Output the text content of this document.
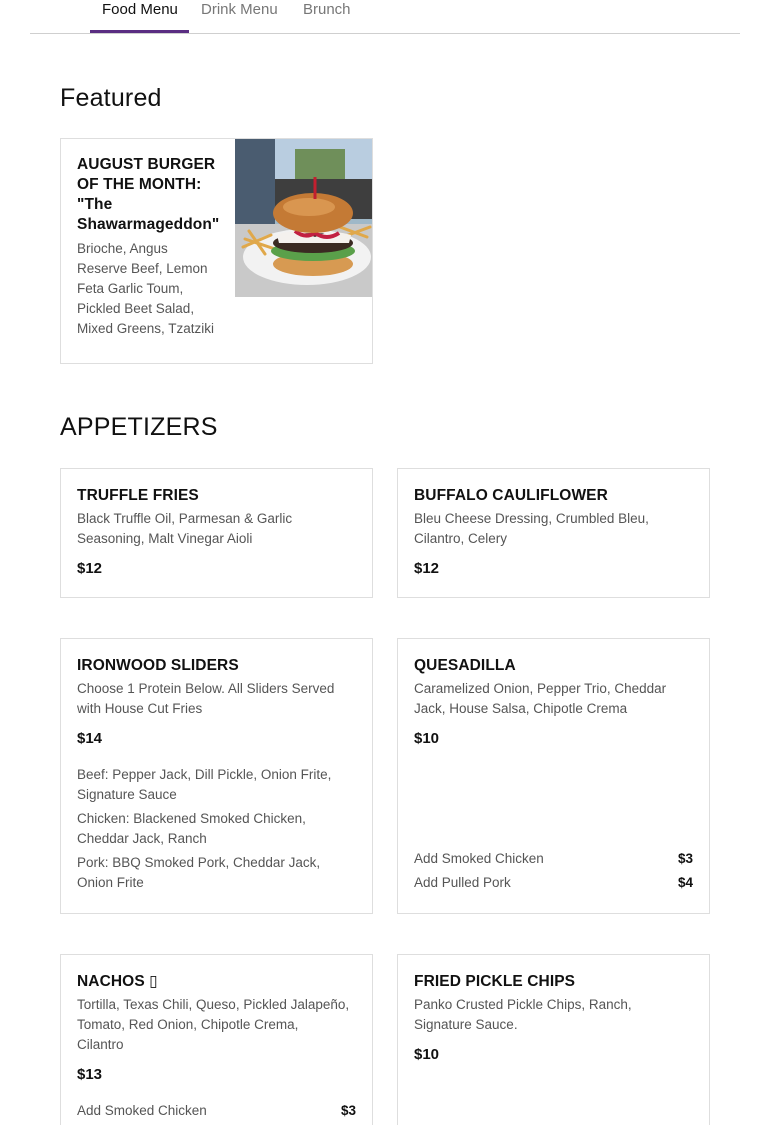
Food Menu Drink Menu Brunch
Featured
AUGUST BURGER
OF THE MONTH:
"The
Shawarmageddon"
Brioche, Angus
Reserve Beef, Lemon
Feta Garlic Toum,
Pickled Beet Salad,
Mixed Greens, Tzatziki
APPETIZERS
TRUFFLE FRIES
Black Truffle Oil, Parmesan & Garlic
Seasoning, Malt Vinegar Aioli
$12
BUFFALO CAULIFLOWER
Bleu Cheese Dressing, Crumbled Bleu,
Cilantro, Celery
$12
IRONWOOD SLIDERS
Choose 1 Protein Below. All Sliders Served
with House Cut Fries
$14
Beef: Pepper Jack, Dill Pickle, Onion Frite,
Signature Sauce
Chicken: Blackened Smoked Chicken,
Cheddar Jack, Ranch
Pork: BBQ Smoked Pork, Cheddar Jack,
Onion Frite
QUESADILLA
Caramelized Onion, Pepper Trio, Cheddar
Jack, House Salsa, Chipotle Crema
$10
Add Smoked Chicken	$3
Add Pulled Pork	$4
NACHOS ▯
Tortilla, Texas Chili, Queso, Pickled Jalapeño,
Tomato, Red Onion, Chipotle Crema,
Cilantro
$13
Add Smoked Chicken	$3
FRIED PICKLE CHIPS
Panko Crusted Pickle Chips, Ranch,
Signature Sauce.
$10
